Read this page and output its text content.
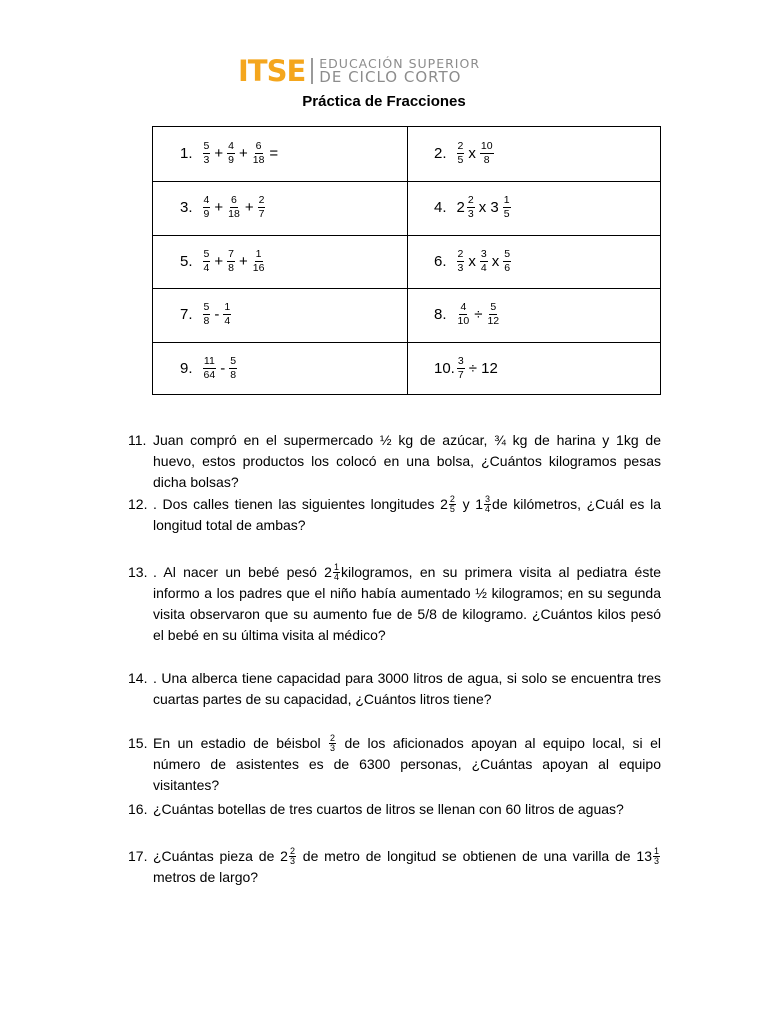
ITSE EDUCACIÓN SUPERIOR
DE CICLO CORTO
Práctica de Fracciones
1. $\frac{5}{3} + \frac{4}{9} + \frac{6}{18}$ =	2. $\frac{2}{5}$ x $\frac{10}{8}$
3. $\frac{4}{9} + \frac{6}{18} + \frac{2}{7}$	4. $2 \frac{2}{3}$ x $3 \frac{1}{5}$
5. $\frac{5}{4} + \frac{7}{8} + \frac{1}{16}$	6. $\frac{2}{3}$ x $\frac{3}{4}$ x $\frac{5}{6}$
7. $\frac{5}{8} - \frac{1}{4}$	8. $\frac{4}{10} \div \frac{5}{12}$
9. $\frac{11}{64} - \frac{5}{8}$	10. $\frac{3}{7} \div 12$
11. Juan compró en el supermercado ½ kg de azúcar, ¾ kg de harina y 1kg de huevo, estos productos los colocó en una bolsa, ¿Cuántos kilogramos pesas dicha bolsas?
12. . Dos calles tienen las siguientes longitudes $2 \frac{2}{5}$ y $1 \frac{3}{4}$ de kilómetros, ¿Cuál es la longitud total de ambas?
13. . Al nacer un bebé pesó $2 \frac{1}{4}$ kilogramos, en su primera visita al pediatra éste informo a los padres que el niño había aumentado ½ kilogramos; en su segunda visita observaron que su aumento fue de 5/8 de kilogramo. ¿Cuántos kilos pesó el bebé en su última visita al médico?
14. . Una alberca tiene capacidad para 3000 litros de agua, si solo se encuentra tres cuartas partes de su capacidad, ¿Cuántos litros tiene?
15. En un estadio de béisbol $\frac{2}{3}$ de los aficionados apoyan al equipo local, si el número de asistentes es de 6300 personas, ¿Cuántas apoyan al equipo visitantes?
16. ¿Cuántas botellas de tres cuartos de litros se llenan con 60 litros de aguas?
17. ¿Cuántas pieza de $2 \frac{2}{3}$ de metro de longitud se obtienen de una varilla de $13 \frac{1}{3}$
metros de largo?
